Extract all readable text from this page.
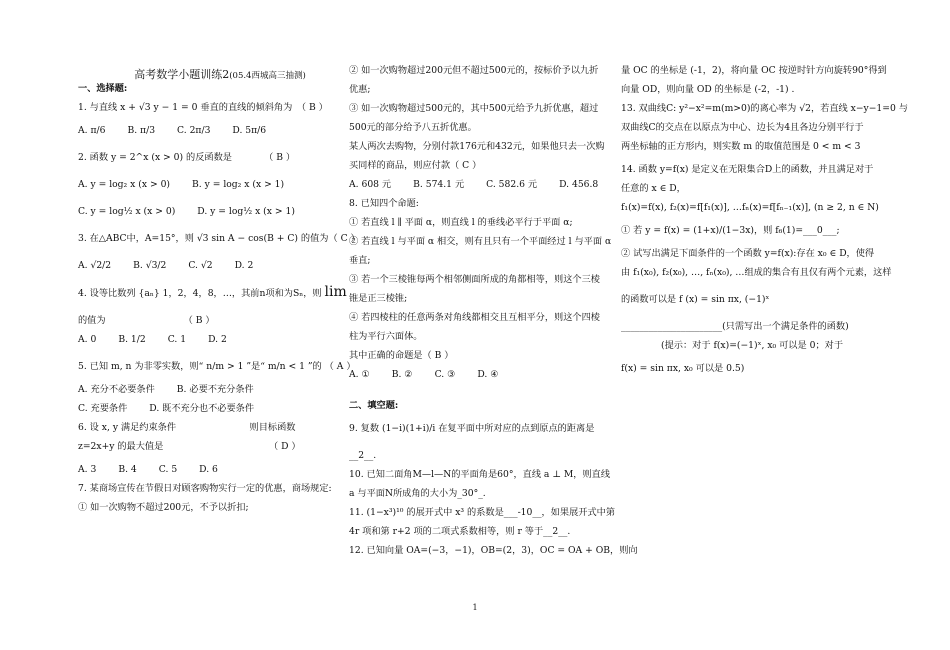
高考数学小题训练2(05.4西城高三抽测)

一、选择题:

1. 与直线 x + √3 y − 1 = 0 垂直的直线的倾斜角为　（ B ）

A. π/6 B. π/3 C. 2π/3 D. 5π/6

2. 函数 y = 2^x (x > 0) 的反函数是　　　　（ B ）

A. y = log₂ x (x > 0) B. y = log₂ x (x > 1)
C. y = log½ x (x > 0) D. y = log½ x (x > 1)

3. 在△ABC中，A=15°，则 √3 sin A − cos(B + C) 的值为（ C ）

A. √2/2 B. √3/2 C. √2 D. 2

4. 设等比数列 {aₙ} 1，2，4，8，…，其前n项和为Sₙ，则 lim

的值为　　　　　　　　　（ B ）

A. 0 B. 1/2 C. 1 D. 2

5. 已知 m, n 为非零实数，则“ n/m > 1 ”是“ m/n < 1 ”的 （ A ）

A. 充分不必要条件 B. 必要不充分条件
C. 充要条件 D. 既不充分也不必要条件

6. 设 x, y 满足约束条件　　　　　　　　则目标函数

z=2x+y 的最大值是　　　　　　　　　　　　（ D ）

A. 3 B. 4 C. 5 D. 6

7. 某商场宣传在节假日对顾客购物实行一定的优惠，商场规定:

① 如一次购物不超过200元，不予以折扣;

② 如一次购物超过200元但不超过500元的，按标价予以九折

优惠;

③ 如一次购物超过500元的，其中500元给予九折优惠，超过

500元的部分给予八五折优惠。

某人两次去购物，分别付款176元和432元，如果他只去一次购

买同样的商品，则应付款（ C ）

A. 608 元 B. 574.1 元 C. 582.6 元 D. 456.8

8. 已知四个命题:

① 若直线 l ∥ 平面 α，则直线 l 的垂线必平行于平面 α;

② 若直线 l 与平面 α 相交，则有且只有一个平面经过 l 与平面 α

垂直;

③ 若一个三棱锥每两个相邻侧面所成的角都相等，则这个三棱

锥是正三棱锥;

④ 若四棱柱的任意两条对角线都相交且互相平分，则这个四棱

柱为平行六面体。

其中正确的命题是（ B ）

A. ① B. ② C. ③ D. ④

二、填空题:

9. 复数 (1−i)(1+i)/i 在复平面中所对应的点到原点的距离是

__2__.

10. 已知二面角M—l—N的平面角是60°，直线 a ⊥ M，则直线

a 与平面N所成角的大小为_30°_.

11. (1−x³)¹⁰ 的展开式中 x³ 的系数是___-10__，如果展开式中第

4r 项和第 r+2 项的二项式系数相等，则 r 等于__2__.

12. 已知向量 OA=(−3，−1)，OB=(2，3)，OC = OA + OB，则向

量 OC 的坐标是 (-1，2)，将向量 OC 按逆时针方向旋转90°得到

向量 OD，则向量 OD 的坐标是 (-2，-1) .

13. 双曲线C: y²−x²=m(m>0)的离心率为 √2，若直线 x−y−1=0 与

双曲线C的交点在以原点为中心、边长为4且各边分别平行于

两坐标轴的正方形内，则实数 m 的取值范围是 0 < m < 3

14. 函数 y=f(x) 是定义在无限集合D上的函数，并且满足对于

任意的 x ∈ D，

f₁(x)=f(x), f₂(x)=f[f₁(x)], …fₙ(x)=f[fₙ₋₁(x)], (n ≥ 2, n ∈ N)

① 若 y = f(x) = (1+x)/(1−3x)，则 f₆(1)=___0___;

② 试写出满足下面条件的一个函数 y=f(x):存在 x₀ ∈ D，使得

由 f₁(x₀), f₂(x₀), …, fₙ(x₀), …组成的集合有且仅有两个元素，这样

的函数可以是 f (x) = sin πx, (−1)ˣ

______________________(只需写出一个满足条件的函数)

(提示：对于 f(x)=(−1)ˣ, x₀ 可以是 0；对于

f(x) = sin πx, x₀ 可以是 0.5)

1
